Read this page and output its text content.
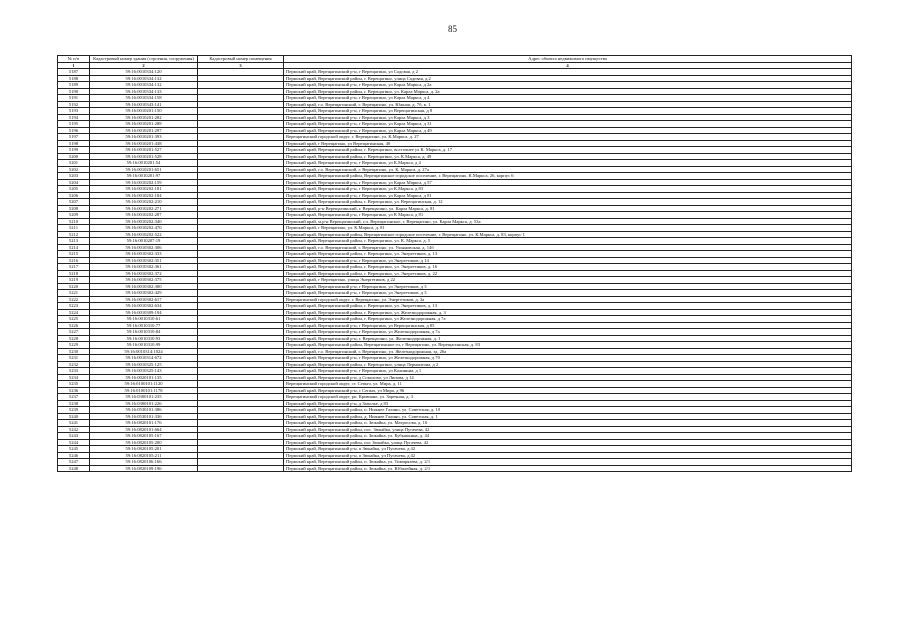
85
№ п/п	Кадастровый номер здания (строения, сооружения)	Кадастровый номер помещения	Адрес объекта недвижимого имущества
1	2	3	4
5187	59:16:0010334:120		Пермский край, Верещагинский р-н, г Верещагино, ул Садовая, д 2
5188	59:16:0010334:132		Пермский край, Верещагинский район, г. Верещагино, улица Садовая, д.2
5189	59:16:0010334:132		Пермский край, Верещагинский р-н, г Верещагино, ул Карла Маркса, д 2а
5190	59:16:0010334:133		Пермский край, Верещагинский район, г. Верещагино, ул. Карла Маркса, д. 2а
5191	59:16:0010334:158		Пермский край, Верещагинский р-н, г Верещагино, ул Карла Маркса, д 4
5192	59:16:0010343:141		Пермский край, г.о. Верещагинский, г. Верещагино, ул. Южная, д. 7б, к. 1
5193	59:16:0010201:150		Пермский край, Верещагинский р-н, г Верещагино, ул Верещагинская, д 8
5194	59:16:0010201:282		Пермский край, Верещагинский р-н, г Верещагино, ул Карла Маркса, д 3
5195	59:16:0010201:288		Пермский край, Верещагинский р-н, г Верещагино, ул Карла Маркса, д 31
5196	59:16:0010201:297		Пермский край, Верещагинский р-н, г Верещагино, ул Карла Маркса, д 49
5197	59:16:0010201:393		Верещагинский городской округ, г. Верещагино, ул. К.Маркса, д. 27
5198	59:16:0010201:438		Пермский край, г Верещагино, ул Верещагинская, 40
5199	59:16:0010201:527		Пермский край, Верещагинский район, г. Верещагино, восточнее ул К. Маркса, д. 17
5200	59:16:0010201:528		Пермский край, Верещагинский район, г. Верещагино, ул. К.Маркса, д. 49
5201	59:16:0010201:54		Пермский край, Верещагинский р-н, г Верещагино, ул К.Маркса, д 4
5202	59:16:0010201:651		Пермский край, г.о. Верещагинский, г. Верещагино, ул. К. Маркса, д. 27а
5203	59:16:0010201:97		Пермский край, Верещагинский район, Верещагинское городское поселение, г. Верещагино, К.Маркса, 26, корпус 6
5204	59:16:0010202:159		Пермский край, Верещагинский р-н, г Верещагино, ул Карла Маркса, д 57
5205	59:16:0010202:181		Пермский край, Верещагинский р-н, г Верещагино, ул К.Маркса, д 83
5206	59:16:0010202:184		Пермский край, Верещагинский р-н, г Верещагино, ул Карла Маркса, д 81
5207	59:16:0010202:210		Пермский край, Верещагинский район, г. Верещагино, ул. Верещагинская, д. 12
5208	59:16:0010202:271		Пермский край, р-н Верещагинский, г. Верещагино, ул. Карла Маркса, д. 81
5209	59:16:0010202:287		Пермский край, Верещагинский р-н, г Верещагино, ул К Маркса, д 81
5210	59:16:0010202:340		Пермский край, м.р-н Верещагинский, г.п. Верещагинское, г. Верещагино, ул. Карла Маркса, д. 53а
5211	59:16:0010202:470		Пермский край, г Верещагино, ул. К.Маркса, д. 81
5212	59:16:0010202:522		Пермский край, Верещагинский район, Верещагинское городское поселение, г. Верещагино, ул. К.Маркса, д. 83, корпус 1
5213	59:16:0010207:19		Пермский край, Верещагинский район, г. Верещагино, ул. К. Маркса, д. 5
5214	59:16:0010302:306		Пермский край, г.о. Верещагинский, г. Верещагино, ул. Ульяновская, д. 14б
5215	59:16:0010302:333		Пермский край, Верещагинский район, г. Верещагино, ул. Энергетиков, д. 13
5216	59:16:0010302:351		Пермский край, Верещагинский р-н, г Верещагино, ул Энергетиков, д 14
5217	59:16:0010302:361		Пермский край, Верещагинский район, г. Верещагино, ул. Энергетиков, д. 16
5218	59:16:0010302:372		Пермский край, Верещагинский район, г. Верещагино, ул. Энергетиков, д. 22
5219	59:16:0010302:375		Пермский край, г Верещагино, улица Энергетиков, д 22
5220	59:16:0010302:380		Пермский край, Верещагинский р-н, г Верещагино, ул Энергетиков, д 3
5221	59:16:0010302:429		Пермский край, Верещагинский р-н, г Верещагино, ул Энергетиков, д 3
5222	59:16:0010302:617		Верещагинский городской округ, г. Верещагино, ул. Энергетиков, д. 3а
5223	59:16:0010302:634		Пермский край, Верещагинский район, г. Верещагино, ул. Энергетиков, д. 13
5224	59:16:0010309:194		Пермский край, Верещагинский район, г. Верещагино, ул. Железнодорожная, д. 3
5225	59:16:0010310:61		Пермский край, Верещагинский район, г. Верещагино, ул Железнодорожная, д 7а
5226	59:16:0010310:77		Пермский край, Верещагинский р-н, г Верещагино, ул Верещагинская, д 85
5227	59:16:0010310:84		Пермский край, Верещагинский р-н, г Верещагино, ул Железнодорожная, д 7а
5228	59:16:0010310:93		Пермский край, Верещагинский р-н, г. Верещагино, ул. Железнодорожная, д. 1
5229	59:16:0010310:99		Пермский край, Верещагинский район, Верещагинское гп, г Верещагино, ул. Верещагинская, д. 83
5230	59:16:0010314:1024		Пермский край, г.о. Верещагинский, г. Верещагино, ул. Железнодорожная, зд. 26а
5231	59:16:0010314:672		Пермский край, Верещагинский р-н, г Верещагино, ул Железнодорожная, д 70
5232	59:16:0010325:125		Пермский край, Верещагинский район, г. Верещагино, улица Лермонтова, д 2
5233	59:16:0010325:143		Пермский край, Верещагинский р-н, г Верещагино, ул Калинина, д 1
5234	59:16:0020101:135		Пермский край, Верещагинский р-н, д Соколово, ул Липова, д 14
5235	59:16:0100101:1120		Верещагинский городской округ, ст. Сепыч, ул. Мира, д. 11
5236	59:16:0100101:1178		Пермский край, Верещагинский р-н, с Сепыч, ул Мира, д 96
5237	59:16:0300101:235		Верещагинский городской округ, рп. Кривчане, ул. Заречная, д. 3
5238	59:16:0300101:226		Пермский край, Верещагинский р-н, д Заполье, д 83
5239	59:16:0530101:386		Пермский край, Верещагинский район, п. Нижнее Галино, ул. Советская, д. 10
5240	59:16:0530101:336		Пермский край, Верещагинский район, д. Нижнее Галино, ул. Советская, д. 1
5241	59:16:0820101:176		Пермский край, Верещагинский район, п. Зюкайка, ул. Матросова, д. 16
5242	59:16:0820101:664		Пермский край, Верещагинский район, пос. Зюкайка, улица Пугачева, 42
5243	59:16:0820105:167		Пермский край, Верещагинский район, п. Зюкайка, ул. Кубышкина, д. 44
5244	59:16:0820105:200		Пермский край, Верещагинский район, пос Зюкайка, улица Пугачева, 42
5245	59:16:0820105:201		Пермский край, Верещагинский р-н, п Зюкайка, ул Пугачева, д 42
5246	59:16:0820105:211		Пермский край, Верещагинский р-н, п Зюкайка, ул Пугачева, д 42
5247	59:16:0820106:166		Пермский край, Верещагинский район, п. Зюкайка, ул. Тимирязева, д. 2/1
5248	59:16:0820109:196		Пермский край, Верещагинский район, п. Зюкайка, ул. Юбилейная, д. 2/1
